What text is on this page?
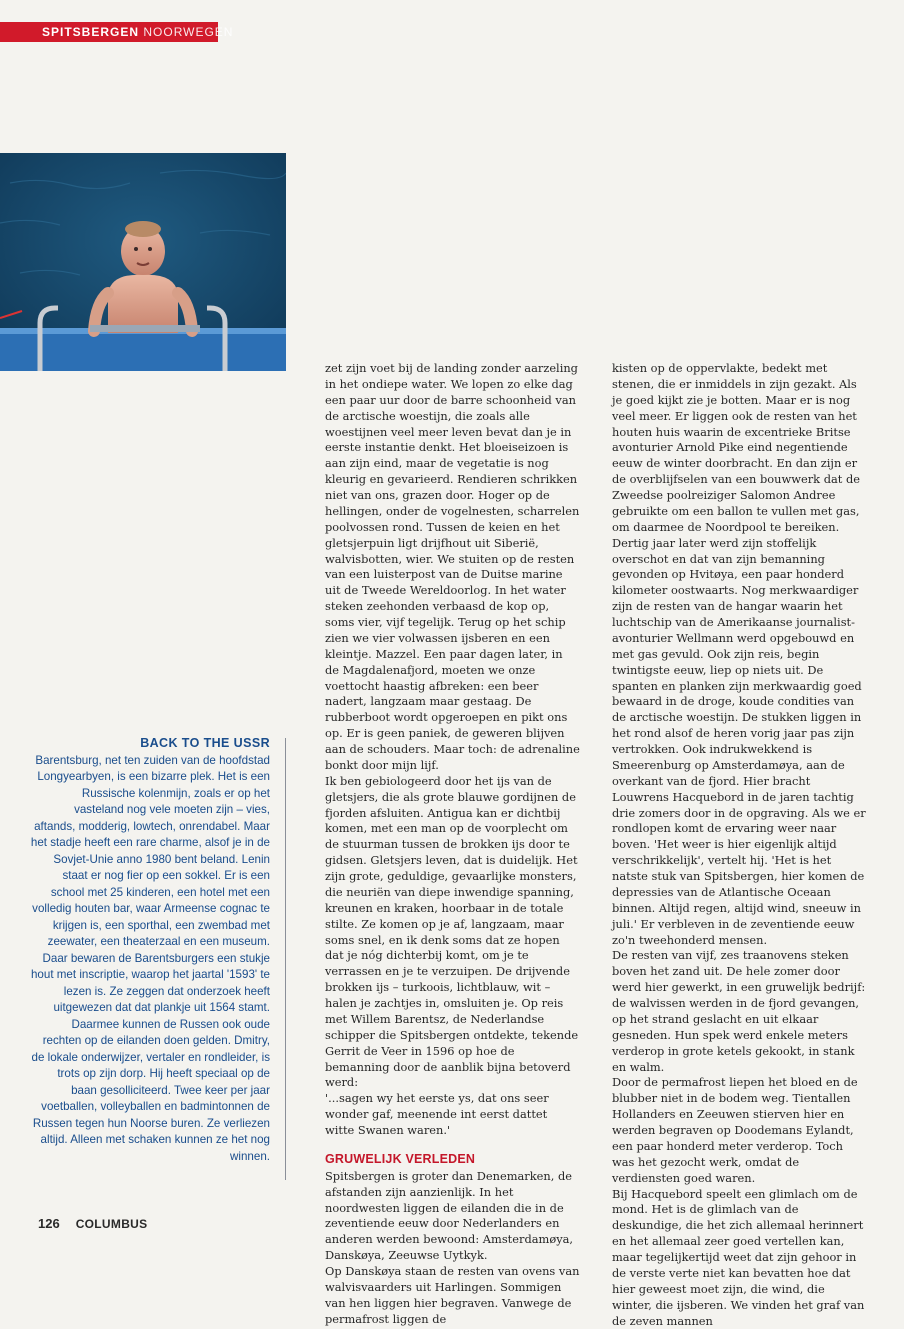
SPITSBERGEN NOORWEGEN
BACK TO THE USSR

Barentsburg, net ten zuiden van de hoofdstad Longyearbyen, is een bizarre plek. Het is een Russische kolenmijn, zoals er op het vasteland nog vele moeten zijn – vies, aftands, modderig, lowtech, onrendabel. Maar het stadje heeft een rare charme, alsof je in de Sovjet-Unie anno 1980 bent beland. Lenin staat er nog fier op een sokkel. Er is een school met 25 kinderen, een hotel met een volledig houten bar, waar Armeense cognac te krijgen is, een sporthal, een zwembad met zeewater, een theaterzaal en een museum. Daar bewaren de Barentsburgers een stukje hout met inscriptie, waarop het jaartal '1593' te lezen is. Ze zeggen dat onderzoek heeft uitgewezen dat dat plankje uit 1564 stamt. Daarmee kunnen de Russen ook oude rechten op de eilanden doen gelden. Dmitry, de lokale onderwijzer, vertaler en rondleider, is trots op zijn dorp. Hij heeft speciaal op de baan gesolliciteerd. Twee keer per jaar voetballen, volleyballen en badmintonnen de Russen tegen hun Noorse buren. Ze verliezen altijd. Alleen met schaken kunnen ze het nog winnen.

zet zijn voet bij de landing zonder aarzeling in het ondiepe water. We lopen zo elke dag een paar uur door de barre schoonheid van de arctische woestijn, die zoals alle woestijnen veel meer leven bevat dan je in eerste instantie denkt. Het bloeiseizoen is aan zijn eind, maar de vegetatie is nog kleurig en gevarieerd. Rendieren schrikken niet van ons, grazen door. Hoger op de hellingen, onder de vogelnesten, scharrelen poolvossen rond. Tussen de keien en het gletsjerpuin ligt drijfhout uit Siberië, walvisbotten, wier. We stuiten op de resten van een luisterpost van de Duitse marine uit de Tweede Wereldoorlog. In het water steken zeehonden verbaasd de kop op, soms vier, vijf tegelijk. Terug op het schip zien we vier volwassen ijsberen en een kleintje. Mazzel. Een paar dagen later, in de Magdalenafjord, moeten we onze voettocht haastig afbreken: een beer nadert, langzaam maar gestaag. De rubberboot wordt opgeroepen en pikt ons op. Er is geen paniek, de geweren blijven aan de schouders. Maar toch: de adrenaline bonkt door mijn lijf.

Ik ben gebiologeerd door het ijs van de gletsjers, die als grote blauwe gordijnen de fjorden afsluiten. Antigua kan er dichtbij komen, met een man op de voorplecht om de stuurman tussen de brokken ijs door te gidsen. Gletsjers leven, dat is duidelijk. Het zijn grote, geduldige, gevaarlijke monsters, die neuriën van diepe inwendige spanning, kreunen en kraken, hoorbaar in de totale stilte. Ze komen op je af, langzaam, maar soms snel, en ik denk soms dat ze hopen dat je nóg dichterbij komt, om je te verrassen en je te verzuipen. De drijvende brokken ijs – turkoois, lichtblauw, wit – halen je zachtjes in, omsluiten je. Op reis met Willem Barentsz, de Nederlandse schipper die Spitsbergen ontdekte, tekende Gerrit de Veer in 1596 op hoe de bemanning door de aanblik bijna betoverd werd:

'...sagen wy het eerste ys, dat ons seer wonder gaf, meenende int eerst dattet witte Swanen waren.'

GRUWELIJK VERLEDEN

Spitsbergen is groter dan Denemarken, de afstanden zijn aanzienlijk. In het noordwesten liggen de eilanden die in de zeventiende eeuw door Nederlanders en anderen werden bewoond: Amsterdamøya, Danskøya, Zeeuwse Uytkyk.

Op Danskøya staan de resten van ovens van walvisvaarders uit Harlingen. Sommigen van hen liggen hier begraven. Vanwege de permafrost liggen de

kisten op de oppervlakte, bedekt met stenen, die er inmiddels in zijn gezakt. Als je goed kijkt zie je botten. Maar er is nog veel meer. Er liggen ook de resten van het houten huis waarin de excentrieke Britse avonturier Arnold Pike eind negentiende eeuw de winter doorbracht. En dan zijn er de overblijfselen van een bouwwerk dat de Zweedse poolreiziger Salomon Andree gebruikte om een ballon te vullen met gas, om daarmee de Noordpool te bereiken. Dertig jaar later werd zijn stoffelijk overschot en dat van zijn bemanning gevonden op Hvitøya, een paar honderd kilometer oostwaarts. Nog merkwaardiger zijn de resten van de hangar waarin het luchtschip van de Amerikaanse journalist-avonturier Wellmann werd opgebouwd en met gas gevuld. Ook zijn reis, begin twintigste eeuw, liep op niets uit. De spanten en planken zijn merkwaardig goed bewaard in de droge, koude condities van de arctische woestijn. De stukken liggen in het rond alsof de heren vorig jaar pas zijn vertrokken. Ook indrukwekkend is Smeerenburg op Amsterdamøya, aan de overkant van de fjord. Hier bracht Louwrens Hacquebord in de jaren tachtig drie zomers door in de opgraving. Als we er rondlopen komt de ervaring weer naar boven. 'Het weer is hier eigenlijk altijd verschrikkelijk', vertelt hij. 'Het is het natste stuk van Spitsbergen, hier komen de depressies van de Atlantische Oceaan binnen. Altijd regen, altijd wind, sneeuw in juli.' Er verbleven in de zeventiende eeuw zo'n tweehonderd mensen.

De resten van vijf, zes traanovens steken boven het zand uit. De hele zomer door werd hier gewerkt, in een gruwelijk bedrijf: de walvissen werden in de fjord gevangen, op het strand geslacht en uit elkaar gesneden. Hun spek werd enkele meters verderop in grote ketels gekookt, in stank en walm.

Door de permafrost liepen het bloed en de blubber niet in de bodem weg. Tientallen Hollanders en Zeeuwen stierven hier en werden begraven op Doodemans Eylandt, een paar honderd meter verderop. Toch was het gezocht werk, omdat de verdiensten goed waren.

Bij Hacquebord speelt een glimlach om de mond. Het is de glimlach van de deskundige, die het zich allemaal herinnert en het allemaal zeer goed vertellen kan, maar tegelijkertijd weet dat zijn gehoor in de verste verte niet kan bevatten hoe dat hier geweest moet zijn, die wind, die winter, die ijsberen. We vinden het graf van de zeven mannen

126 COLUMBUS
